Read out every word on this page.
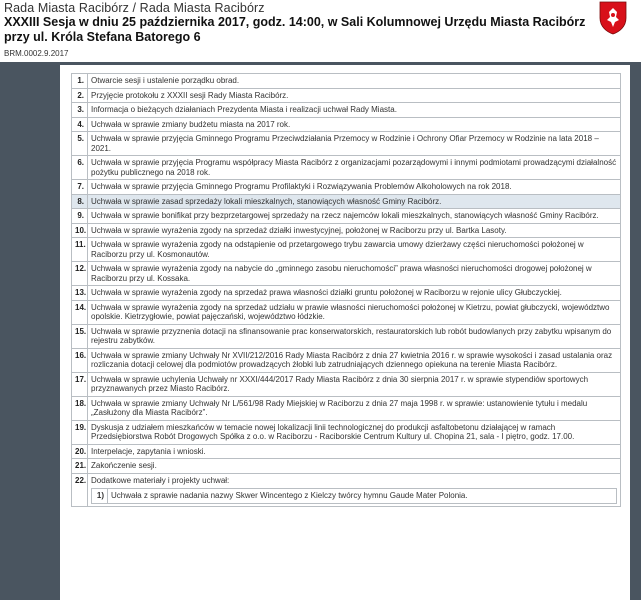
Rada Miasta Racibórz / Rada Miasta Racibórz
XXXIII Sesja w dniu 25 października 2017, godz. 14:00, w Sali Kolumnowej Urzędu Miasta Racibórz przy ul. Króla Stefana Batorego 6
BRM.0002.9.2017
1.	Otwarcie sesji i ustalenie porządku obrad.
2.	Przyjęcie protokołu z XXXII sesji Rady Miasta Racibórz.
3.	Informacja o bieżących działaniach Prezydenta Miasta i realizacji uchwał Rady Miasta.
4.	Uchwała w sprawie zmiany budżetu miasta na 2017 rok.
5.	Uchwała w sprawie przyjęcia Gminnego Programu Przeciwdziałania Przemocy w Rodzinie i Ochrony Ofiar Przemocy w Rodzinie na lata 2018 – 2021.
6.	Uchwała w sprawie przyjęcia Programu współpracy Miasta Racibórz z organizacjami pozarządowymi i innymi podmiotami prowadzącymi działalność pożytku publicznego na 2018 rok.
7.	Uchwała w sprawie przyjęcia Gminnego Programu Profilaktyki i Rozwiązywania Problemów Alkoholowych na rok 2018.
8.	Uchwała w sprawie zasad sprzedaży lokali mieszkalnych, stanowiących własność Gminy Racibórz.
9.	Uchwała w sprawie bonifikat przy bezprzetargowej sprzedaży na rzecz najemców lokali mieszkalnych, stanowiących własność Gminy Racibórz.
10.	Uchwała w sprawie wyrażenia zgody na sprzedaż działki inwestycyjnej, położonej w Raciborzu przy ul. Bartka Lasoty.
11.	Uchwała w sprawie wyrażenia zgody na odstąpienie od przetargowego trybu zawarcia umowy dzierżawy części nieruchomości położonej w Raciborzu przy ul. Kosmonautów.
12.	Uchwała w sprawie wyrażenia zgody na nabycie do „gminnego zasobu nieruchomości” prawa własności nieruchomości drogowej położonej w Raciborzu przy ul. Kossaka.
13.	Uchwała w sprawie wyrażenia zgody na sprzedaż prawa własności działki gruntu położonej w Raciborzu w rejonie ulicy Głubczyckiej.
14.	Uchwała w sprawie wyrażenia zgody na sprzedaż udziału w prawie własności nieruchomości położonej w Kietrzu, powiat głubczycki, województwo opolskie. Kietrzygłowie, powiat pajęczański, województwo łódzkie.
15.	Uchwała w sprawie przyznenia dotacji na sfinansowanie prac konserwatorskich, restauratorskich lub robót budowlanych przy zabytku wpisanym do rejestru zabytków.
16.	Uchwała w sprawie zmiany Uchwały Nr XVII/212/2016 Rady Miasta Racibórz z dnia 27 kwietnia 2016 r. w sprawie wysokości i zasad ustalania oraz rozliczania dotacji celowej dla podmiotów prowadzących żłobki lub zatrudniających dziennego opiekuna na terenie Miasta Racibórz.
17.	Uchwała w sprawie uchylenia Uchwały nr XXXI/444/2017 Rady Miasta Racibórz z dnia 30 sierpnia 2017 r. w sprawie stypendiów sportowych przyznawanych przez Miasto Racibórz.
18.	Uchwała w sprawie zmiany Uchwały Nr L/561/98 Rady Miejskiej w Raciborzu z dnia 27 maja 1998 r. w sprawie: ustanowienie tytułu i medalu „Zasłużony dla Miasta Racibórz”.
19.	Dyskusja z udziałem mieszkańców w temacie nowej lokalizacji linii technologicznej do produkcji asfaltobetonu działającej w ramach Przedsiębiorstwa Robót Drogowych Spółka z o.o. w Raciborzu - Raciborskie Centrum Kultury ul. Chopina 21, sala - I piętro, godz. 17.00.
20.	Interpelacje, zapytania i wnioski.
21.	Zakończenie sesji.
22.	Dodatkowe materiały i projekty uchwał:
1)	Uchwała z sprawie nadania nazwy Skwer Wincentego z Kielczy twórcy hymnu Gaude Mater Polonia.
